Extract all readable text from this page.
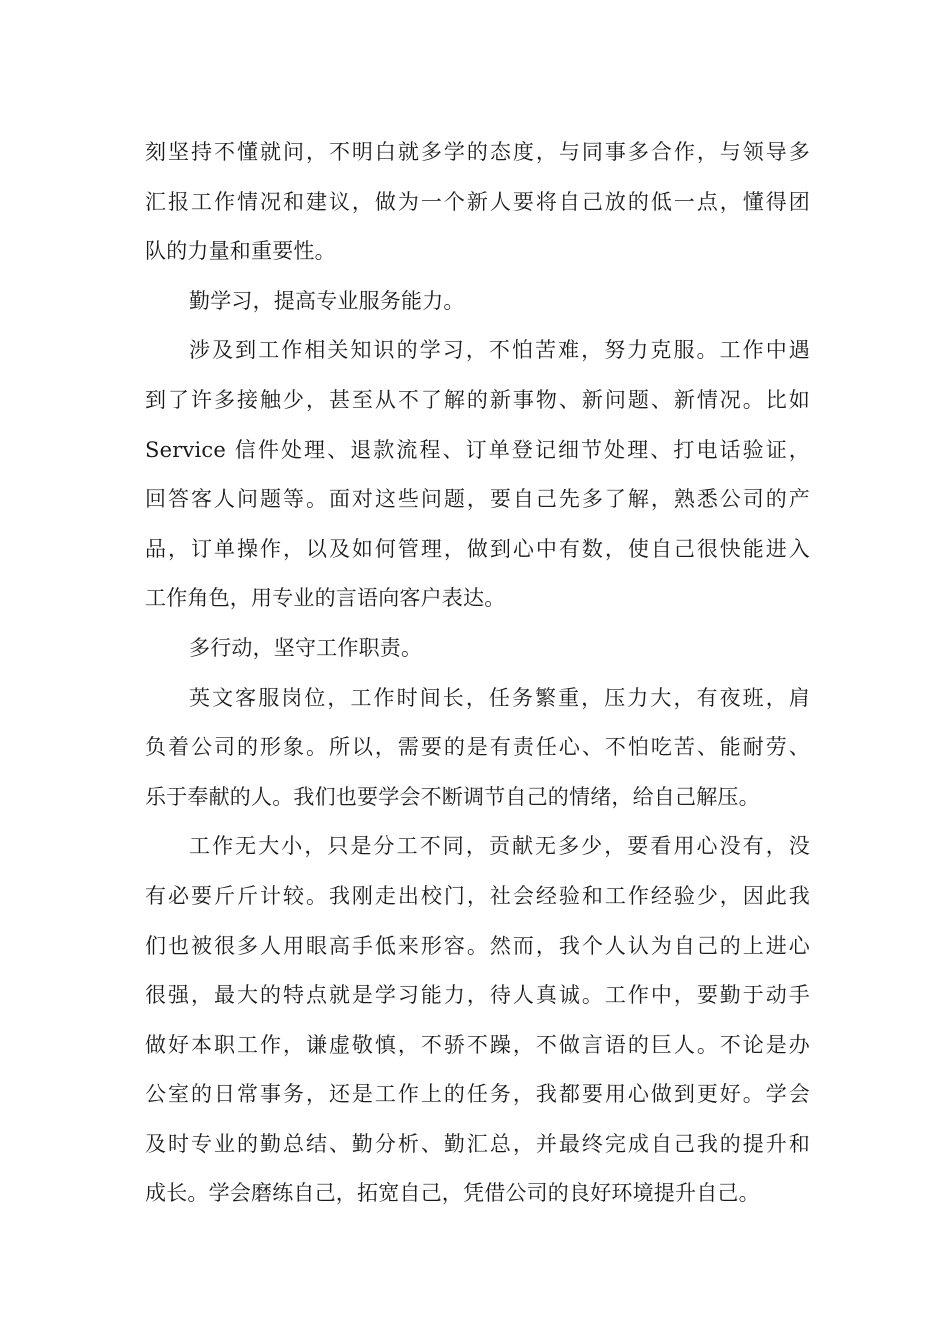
刻坚持不懂就问，不明白就多学的态度，与同事多合作，与领导多
汇报工作情况和建议，做为一个新人要将自己放的低一点，懂得团
队的力量和重要性。
勤学习，提高专业服务能力。
涉及到工作相关知识的学习，不怕苦难，努力克服。工作中遇
到了许多接触少，甚至从不了解的新事物、新问题、新情况。比如
Service 信件处理、退款流程、订单登记细节处理、打电话验证，
回答客人问题等。面对这些问题，要自己先多了解，熟悉公司的产
品，订单操作，以及如何管理，做到心中有数，使自己很快能进入
工作角色，用专业的言语向客户表达。
多行动，坚守工作职责。
英文客服岗位，工作时间长，任务繁重，压力大，有夜班，肩
负着公司的形象。所以，需要的是有责任心、不怕吃苦、能耐劳、
乐于奉献的人。我们也要学会不断调节自己的情绪，给自己解压。
工作无大小，只是分工不同，贡献无多少，要看用心没有，没
有必要斤斤计较。我刚走出校门，社会经验和工作经验少，因此我
们也被很多人用眼高手低来形容。然而，我个人认为自己的上进心
很强，最大的特点就是学习能力，待人真诚。工作中，要勤于动手
做好本职工作，谦虚敬慎，不骄不躁，不做言语的巨人。不论是办
公室的日常事务，还是工作上的任务，我都要用心做到更好。学会
及时专业的勤总结、勤分析、勤汇总，并最终完成自己我的提升和
成长。学会磨练自己，拓宽自己，凭借公司的良好环境提升自己。
